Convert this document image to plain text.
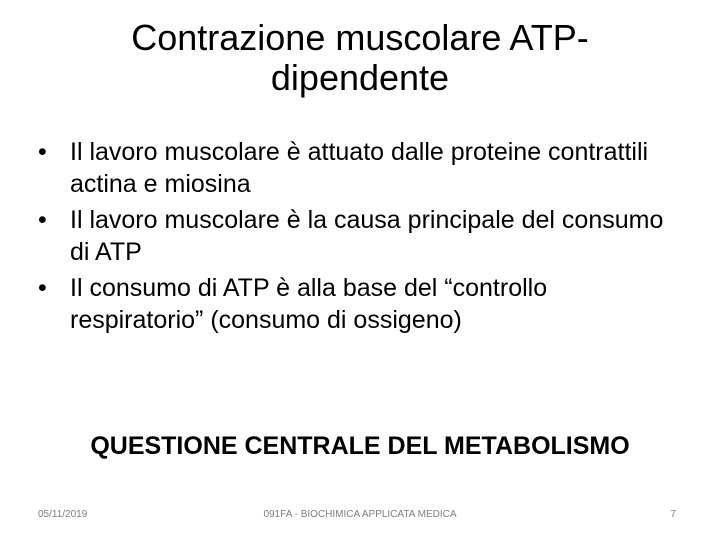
Contrazione muscolare ATP-
dipendente
• Il lavoro muscolare è attuato dalle proteine contrattili actina e miosina
• Il lavoro muscolare è la causa principale del consumo di ATP
• Il consumo di ATP è alla base del “controllo respiratorio” (consumo di ossigeno)
QUESTIONE CENTRALE DEL METABOLISMO
05/11/2019	091FA - BIOCHIMICA APPLICATA MEDICA	7
